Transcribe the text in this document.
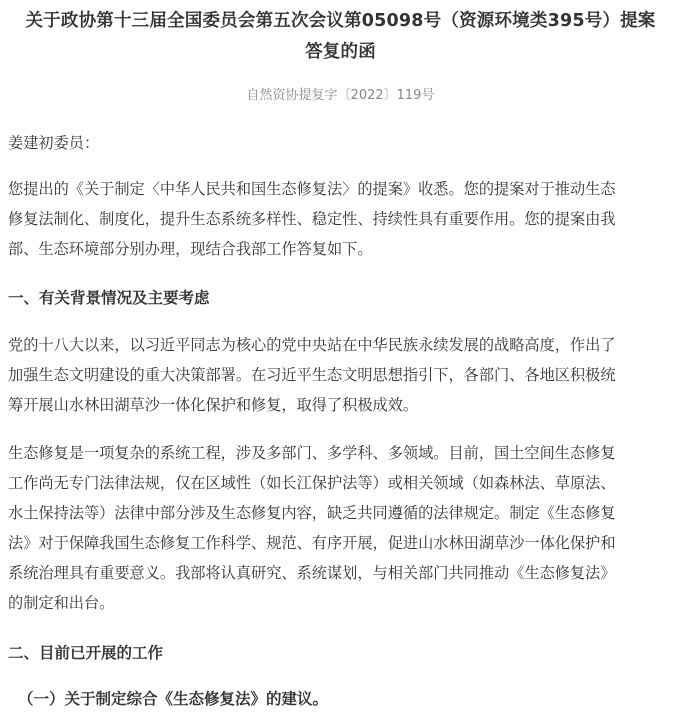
关于政协第十三届全国委员会第五次会议第05098号（资源环境类395号）提案
答复的函
自然资协提复字〔2022〕119号
姜建初委员：
您提出的《关于制定〈中华人民共和国生态修复法〉的提案》收悉。您的提案对于推动生态
修复法制化、制度化，提升生态系统多样性、稳定性、持续性具有重要作用。您的提案由我
部、生态环境部分别办理，现结合我部工作答复如下。
一、有关背景情况及主要考虑
党的十八大以来，以习近平同志为核心的党中央站在中华民族永续发展的战略高度，作出了
加强生态文明建设的重大决策部署。在习近平生态文明思想指引下，各部门、各地区积极统
筹开展山水林田湖草沙一体化保护和修复，取得了积极成效。
生态修复是一项复杂的系统工程，涉及多部门、多学科、多领域。目前，国土空间生态修复
工作尚无专门法律法规，仅在区域性（如长江保护法等）或相关领域（如森林法、草原法、
水土保持法等）法律中部分涉及生态修复内容，缺乏共同遵循的法律规定。制定《生态修复
法》对于保障我国生态修复工作科学、规范、有序开展，促进山水林田湖草沙一体化保护和
系统治理具有重要意义。我部将认真研究、系统谋划，与相关部门共同推动《生态修复法》
的制定和出台。
二、目前已开展的工作
（一）关于制定综合《生态修复法》的建议。
